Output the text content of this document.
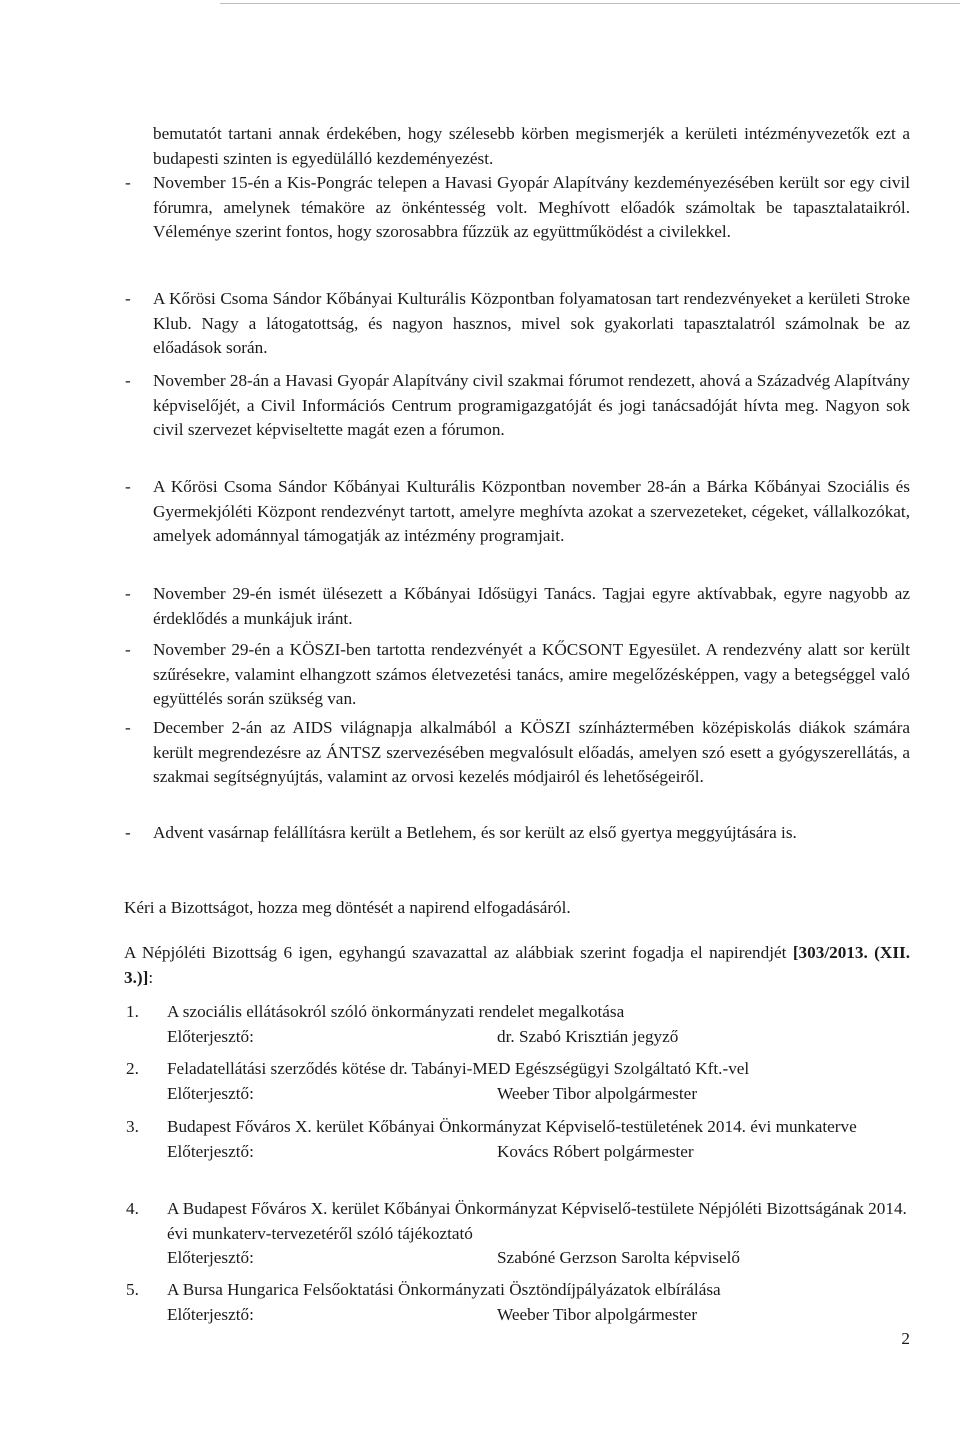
bemutatót tartani annak érdekében, hogy szélesebb körben megismerjék a kerületi intézményvezetők ezt a budapesti szinten is egyedülálló kezdeményezést.

-	November 15-én a Kis-Pongrác telepen a Havasi Gyopár Alapítvány kezdeményezésében került sor egy civil fórumra, amelynek témaköre az önkéntesség volt. Meghívott előadók számoltak be tapasztalataikról. Véleménye szerint fontos, hogy szorosabbra fűzzük az együttműködést a civilekkel.
-	A Kőrösi Csoma Sándor Kőbányai Kulturális Központban folyamatosan tart rendezvényeket a kerületi Stroke Klub. Nagy a látogatottság, és nagyon hasznos, mivel sok gyakorlati tapasztalatról számolnak be az előadások során.
-	November 28-án a Havasi Gyopár Alapítvány civil szakmai fórumot rendezett, ahová a Századvég Alapítvány képviselőjét, a Civil Információs Centrum programigazgatóját és jogi tanácsadóját hívta meg. Nagyon sok civil szervezet képviseltette magát ezen a fórumon.
-	A Kőrösi Csoma Sándor Kőbányai Kulturális Központban november 28-án a Bárka Kőbányai Szociális és Gyermekjóléti Központ rendezvényt tartott, amelyre meghívta azokat a szervezeteket, cégeket, vállalkozókat, amelyek adománnyal támogatják az intézmény programjait.
-	November 29-én ismét ülésezett a Kőbányai Idősügyi Tanács. Tagjai egyre aktívabbak, egyre nagyobb az érdeklődés a munkájuk iránt.
-	November 29-én a KÖSZI-ben tartotta rendezvényét a KŐCSONT Egyesület. A rendezvény alatt sor került szűrésekre, valamint elhangzott számos életvezetési tanács, amire megelőzésképpen, vagy a betegséggel való együttélés során szükség van.
-	December 2-án az AIDS világnapja alkalmából a KÖSZI színháztermében középiskolás diákok számára került megrendezésre az ÁNTSZ szervezésében megvalósult előadás, amelyen szó esett a gyógyszerellátás, a szakmai segítségnyújtás, valamint az orvosi kezelés módjairól és lehetőségeiről.
-	Advent vasárnap felállításra került a Betlehem, és sor került az első gyertya meggyújtására is.

Kéri a Bizottságot, hozza meg döntését a napirend elfogadásáról.

A Népjóléti Bizottság 6 igen, egyhangú szavazattal az alábbiak szerint fogadja el napirendjét [303/2013. (XII. 3.)]:

1.	A szociális ellátásokról szóló önkormányzati rendelet megalkotása
Előterjesztő:	dr. Szabó Krisztián jegyző
2.	Feladatellátási szerződés kötése dr. Tabányi-MED Egészségügyi Szolgáltató Kft.-vel
Előterjesztő:	Weeber Tibor alpolgármester
3.	Budapest Főváros X. kerület Kőbányai Önkormányzat Képviselő-testületének 2014. évi munkaterve
Előterjesztő:	Kovács Róbert polgármester
4.	A Budapest Főváros X. kerület Kőbányai Önkormányzat Képviselő-testülete Népjóléti Bizottságának 2014. évi munkaterv-tervezetéről szóló tájékoztató
Előterjesztő:	Szabóné Gerzson Sarolta képviselő
5.	A Bursa Hungarica Felsőoktatási Önkormányzati Ösztöndíjpályázatok elbírálása
Előterjesztő:	Weeber Tibor alpolgármester
2
